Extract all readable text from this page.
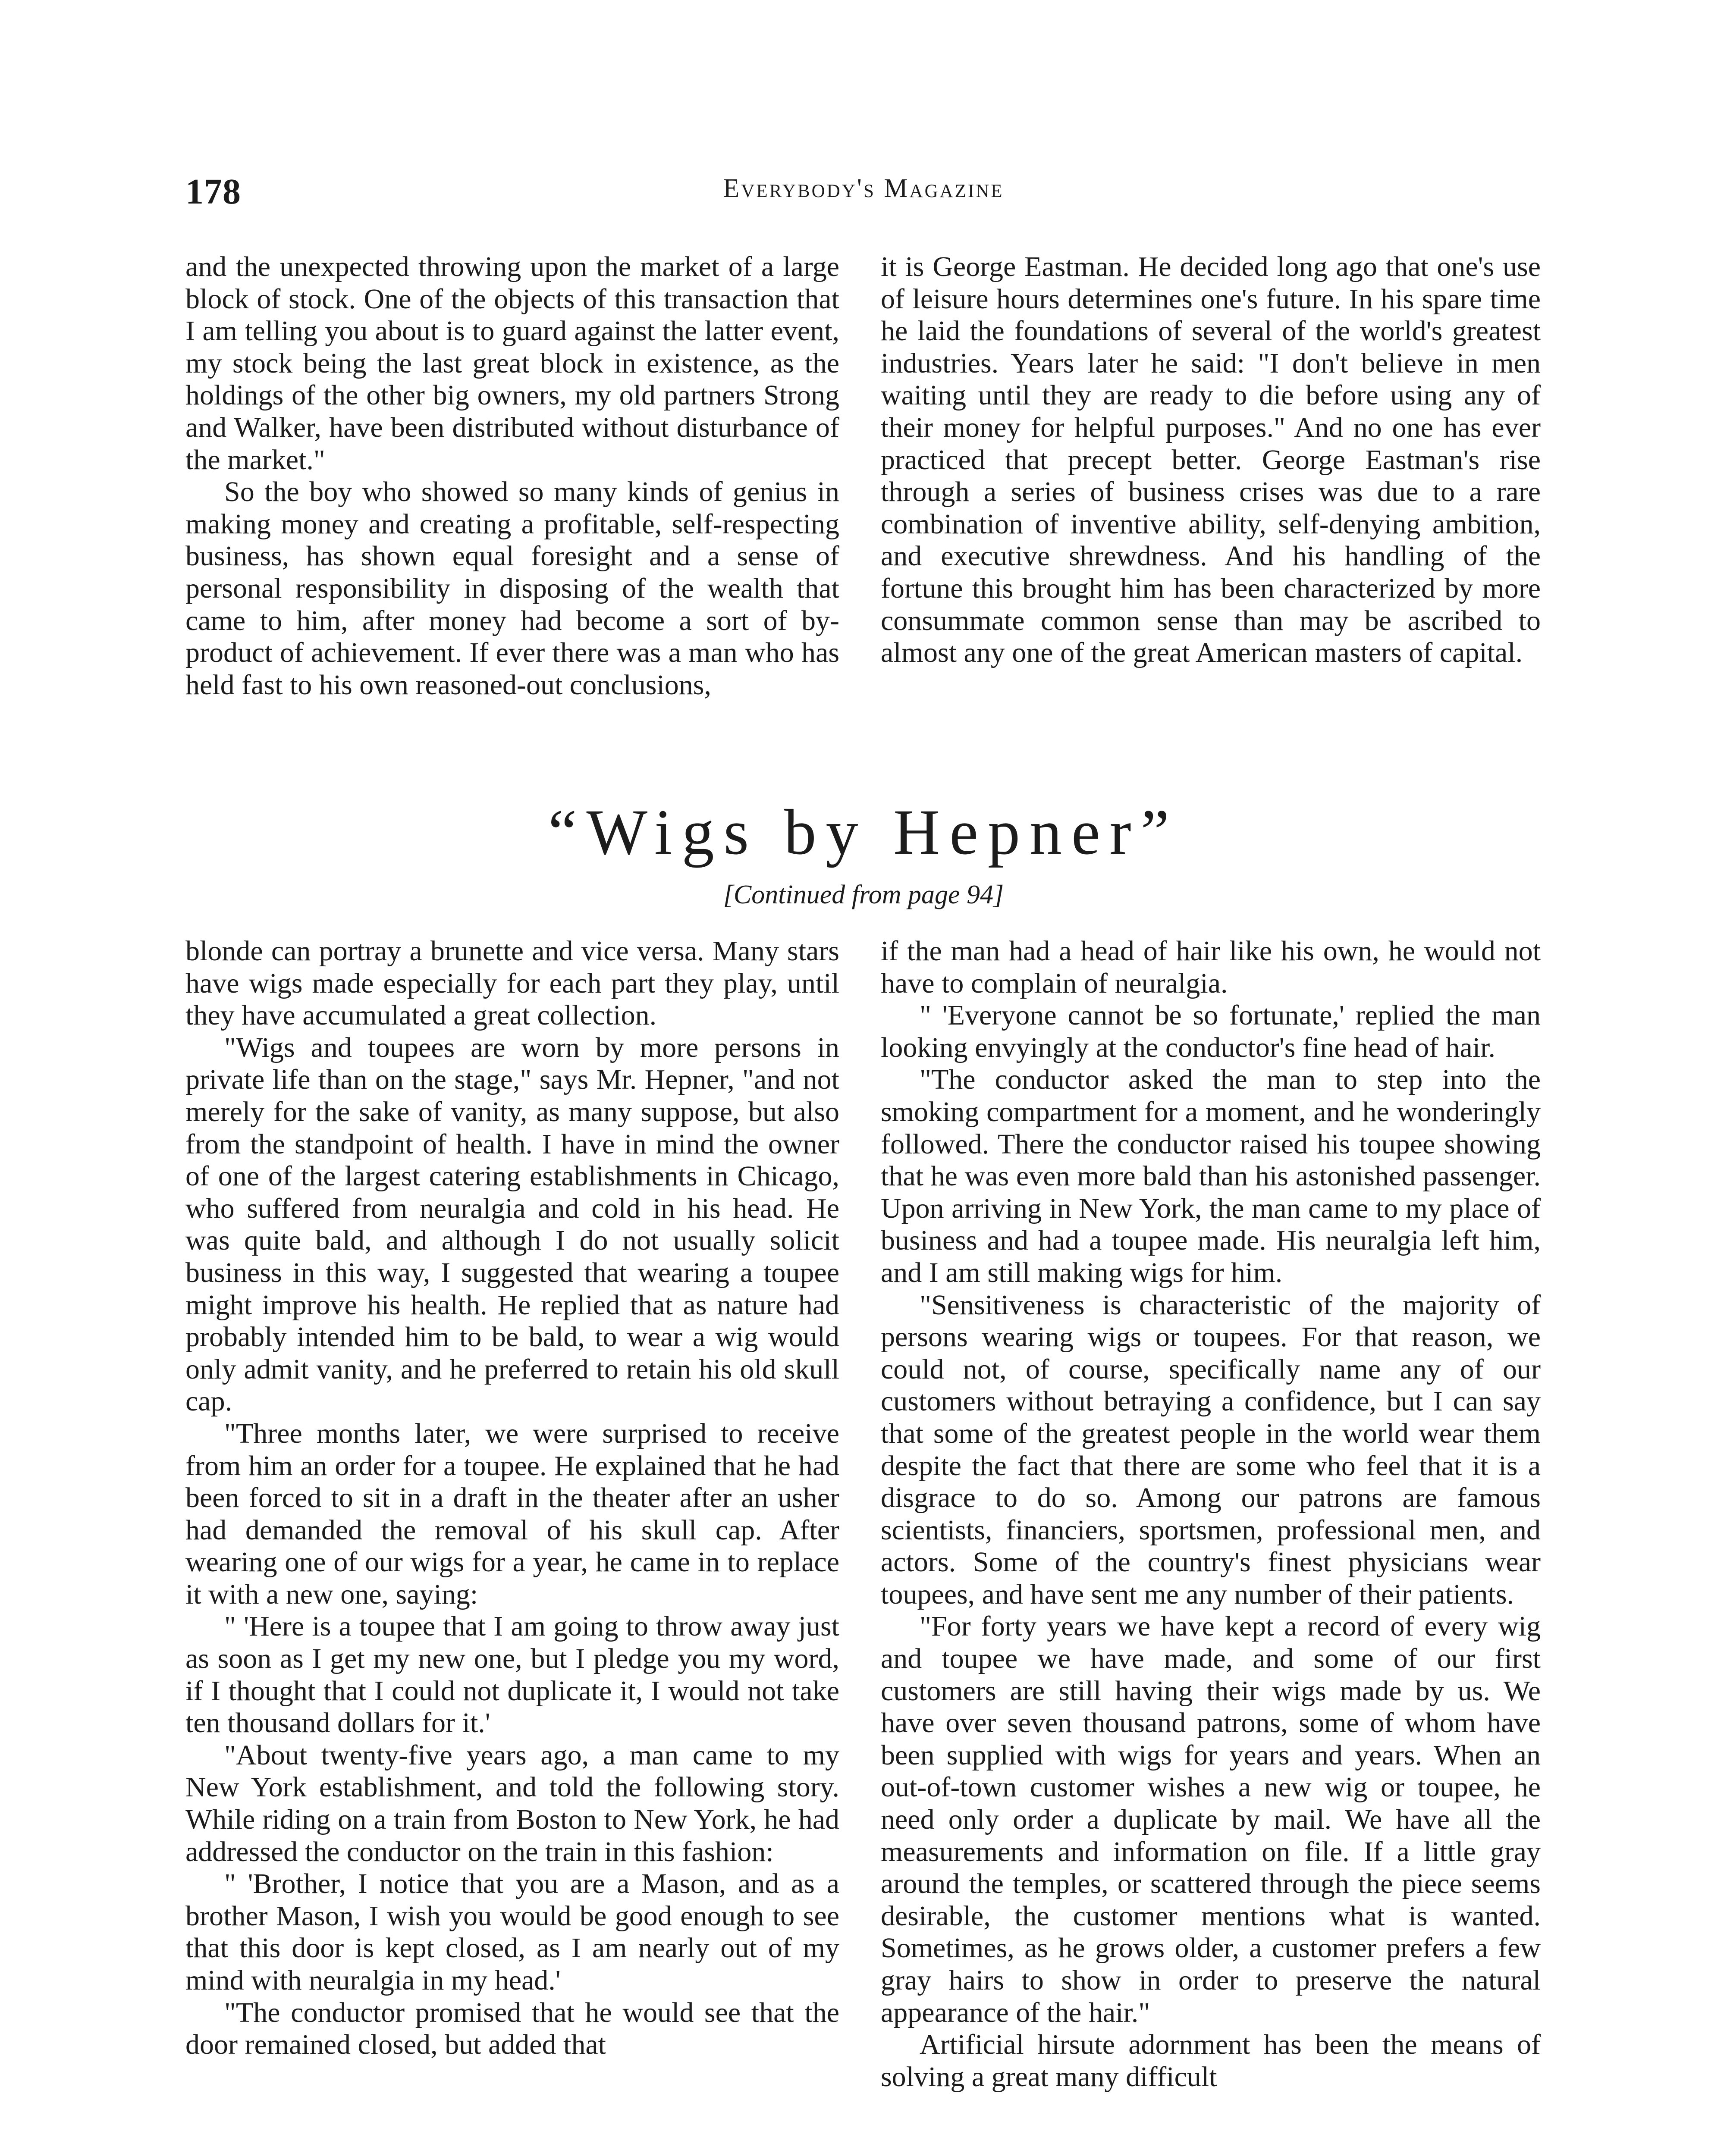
178	Everybody's Magazine

and the unexpected throwing upon the market of a large block of stock. One of the objects of this transaction that I am telling you about is to guard against the latter event, my stock being the last great block in existence, as the holdings of the other big owners, my old partners Strong and Walker, have been distributed without disturbance of the market."

So the boy who showed so many kinds of genius in making money and creating a profitable, self-respecting business, has shown equal foresight and a sense of personal responsibility in disposing of the wealth that came to him, after money had become a sort of by-product of achievement. If ever there was a man who has held fast to his own reasoned-out conclusions,

it is George Eastman. He decided long ago that one's use of leisure hours determines one's future. In his spare time he laid the foundations of several of the world's greatest industries. Years later he said: "I don't believe in men waiting until they are ready to die before using any of their money for helpful purposes." And no one has ever practiced that precept better. George Eastman's rise through a series of business crises was due to a rare combination of inventive ability, self-denying ambition, and executive shrewdness. And his handling of the fortune this brought him has been characterized by more consummate common sense than may be ascribed to almost any one of the great American masters of capital.

“Wigs by Hepner”
[Continued from page 94]

blonde can portray a brunette and vice versa. Many stars have wigs made especially for each part they play, until they have accumulated a great collection.

"Wigs and toupees are worn by more persons in private life than on the stage," says Mr. Hepner, "and not merely for the sake of vanity, as many suppose, but also from the standpoint of health. I have in mind the owner of one of the largest catering establishments in Chicago, who suffered from neuralgia and cold in his head. He was quite bald, and although I do not usually solicit business in this way, I suggested that wearing a toupee might improve his health. He replied that as nature had probably intended him to be bald, to wear a wig would only admit vanity, and he preferred to retain his old skull cap.

"Three months later, we were surprised to receive from him an order for a toupee. He explained that he had been forced to sit in a draft in the theater after an usher had demanded the removal of his skull cap. After wearing one of our wigs for a year, he came in to replace it with a new one, saying:

" 'Here is a toupee that I am going to throw away just as soon as I get my new one, but I pledge you my word, if I thought that I could not duplicate it, I would not take ten thousand dollars for it.'

"About twenty-five years ago, a man came to my New York establishment, and told the following story. While riding on a train from Boston to New York, he had addressed the conductor on the train in this fashion:

" 'Brother, I notice that you are a Mason, and as a brother Mason, I wish you would be good enough to see that this door is kept closed, as I am nearly out of my mind with neuralgia in my head.'

"The conductor promised that he would see that the door remained closed, but added that

if the man had a head of hair like his own, he would not have to complain of neuralgia.

" 'Everyone cannot be so fortunate,' replied the man looking envyingly at the conductor's fine head of hair.

"The conductor asked the man to step into the smoking compartment for a moment, and he wonderingly followed. There the conductor raised his toupee showing that he was even more bald than his astonished passenger. Upon arriving in New York, the man came to my place of business and had a toupee made. His neuralgia left him, and I am still making wigs for him.

"Sensitiveness is characteristic of the majority of persons wearing wigs or toupees. For that reason, we could not, of course, specifically name any of our customers without betraying a confidence, but I can say that some of the greatest people in the world wear them despite the fact that there are some who feel that it is a disgrace to do so. Among our patrons are famous scientists, financiers, sportsmen, professional men, and actors. Some of the country's finest physicians wear toupees, and have sent me any number of their patients.

"For forty years we have kept a record of every wig and toupee we have made, and some of our first customers are still having their wigs made by us. We have over seven thousand patrons, some of whom have been supplied with wigs for years and years. When an out-of-town customer wishes a new wig or toupee, he need only order a duplicate by mail. We have all the measurements and information on file. If a little gray around the temples, or scattered through the piece seems desirable, the customer mentions what is wanted. Sometimes, as he grows older, a customer prefers a few gray hairs to show in order to preserve the natural appearance of the hair."

Artificial hirsute adornment has been the means of solving a great many difficult
